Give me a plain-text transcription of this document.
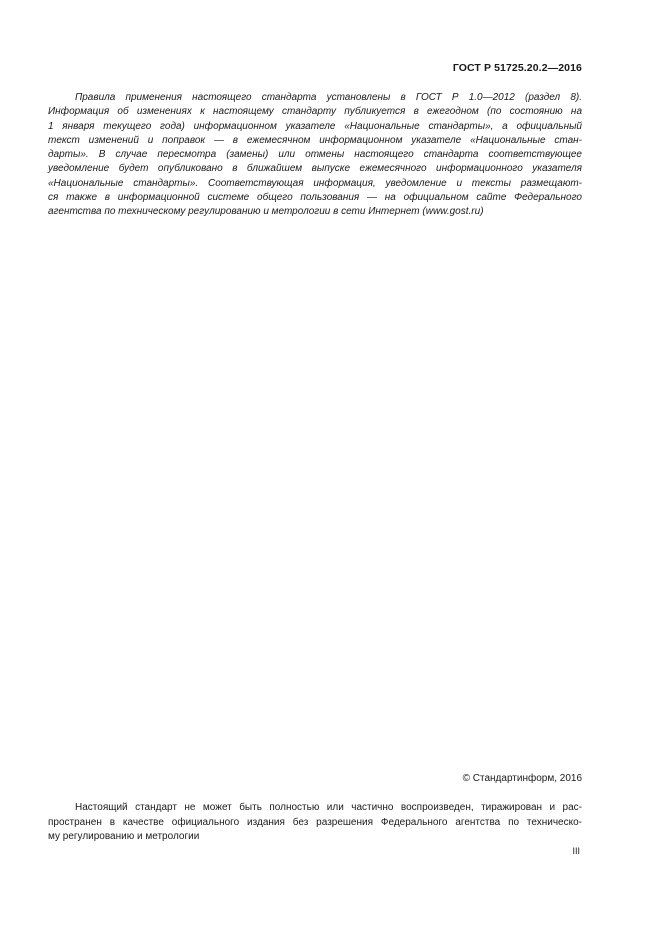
ГОСТ Р 51725.20.2—2016
Правила применения настоящего стандарта установлены в ГОСТ Р 1.0—2012 (раздел 8).
Информация об изменениях к настоящему стандарту публикуется в ежегодном (по состоянию на
1 января текущего года) информационном указателе «Национальные стандарты», а официальный
текст изменений и поправок — в ежемесячном информационном указателе «Национальные стан-
дарты». В случае пересмотра (замены) или отмены настоящего стандарта соответствующее
уведомление будет опубликовано в ближайшем выпуске ежемесячного информационного указателя
«Национальные стандарты». Соответствующая информация, уведомление и тексты размещают-
ся также в информационной системе общего пользования — на официальном сайте Федерального
агентства по техническому регулированию и метрологии в сети Интернет (www.gost.ru)
© Стандартинформ, 2016
Настоящий стандарт не может быть полностью или частично воспроизведен, тиражирован и рас-
пространен в качестве официального издания без разрешения Федерального агентства по техническо-
му регулированию и метрологии
III
